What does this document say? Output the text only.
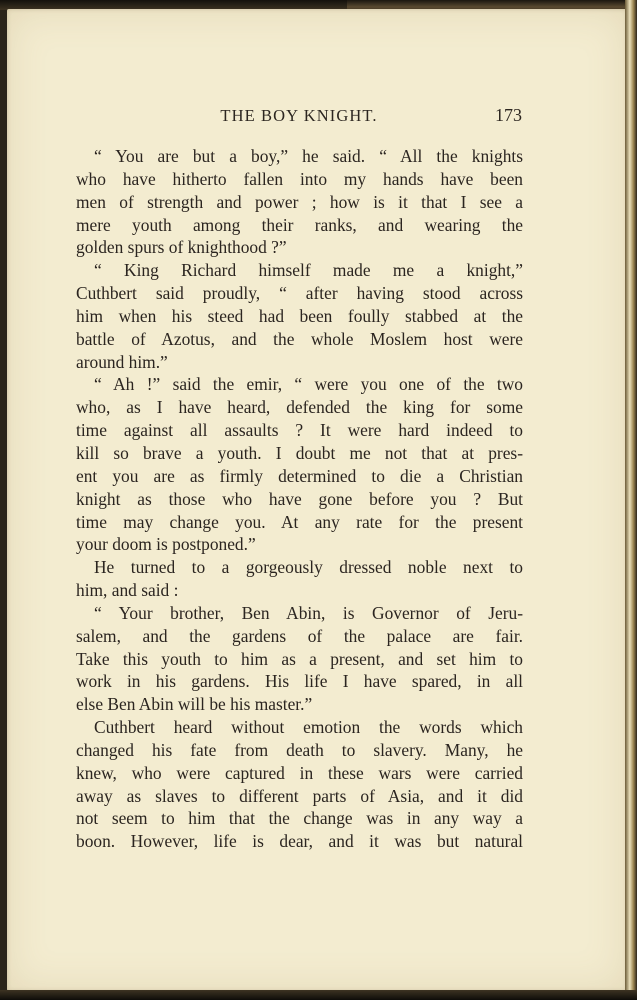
THE BOY KNIGHT.	173
“ You are but a boy,” he said. “ All the knights
who have hitherto fallen into my hands have been
men of strength and power ; how is it that I see a
mere youth among their ranks, and wearing the
golden spurs of knighthood ?”
“ King Richard himself made me a knight,”
Cuthbert said proudly, “ after having stood across
him when his steed had been foully stabbed at the
battle of Azotus, and the whole Moslem host were
around him.”
“ Ah !” said the emir, “ were you one of the two
who, as I have heard, defended the king for some
time against all assaults ? It were hard indeed to
kill so brave a youth. I doubt me not that at pres-
ent you are as firmly determined to die a Christian
knight as those who have gone before you ? But
time may change you. At any rate for the present
your doom is postponed.”
He turned to a gorgeously dressed noble next to
him, and said :
“ Your brother, Ben Abin, is Governor of Jeru-
salem, and the gardens of the palace are fair.
Take this youth to him as a present, and set him to
work in his gardens. His life I have spared, in all
else Ben Abin will be his master.”
Cuthbert heard without emotion the words which
changed his fate from death to slavery. Many, he
knew, who were captured in these wars were carried
away as slaves to different parts of Asia, and it did
not seem to him that the change was in any way a
boon. However, life is dear, and it was but natural
